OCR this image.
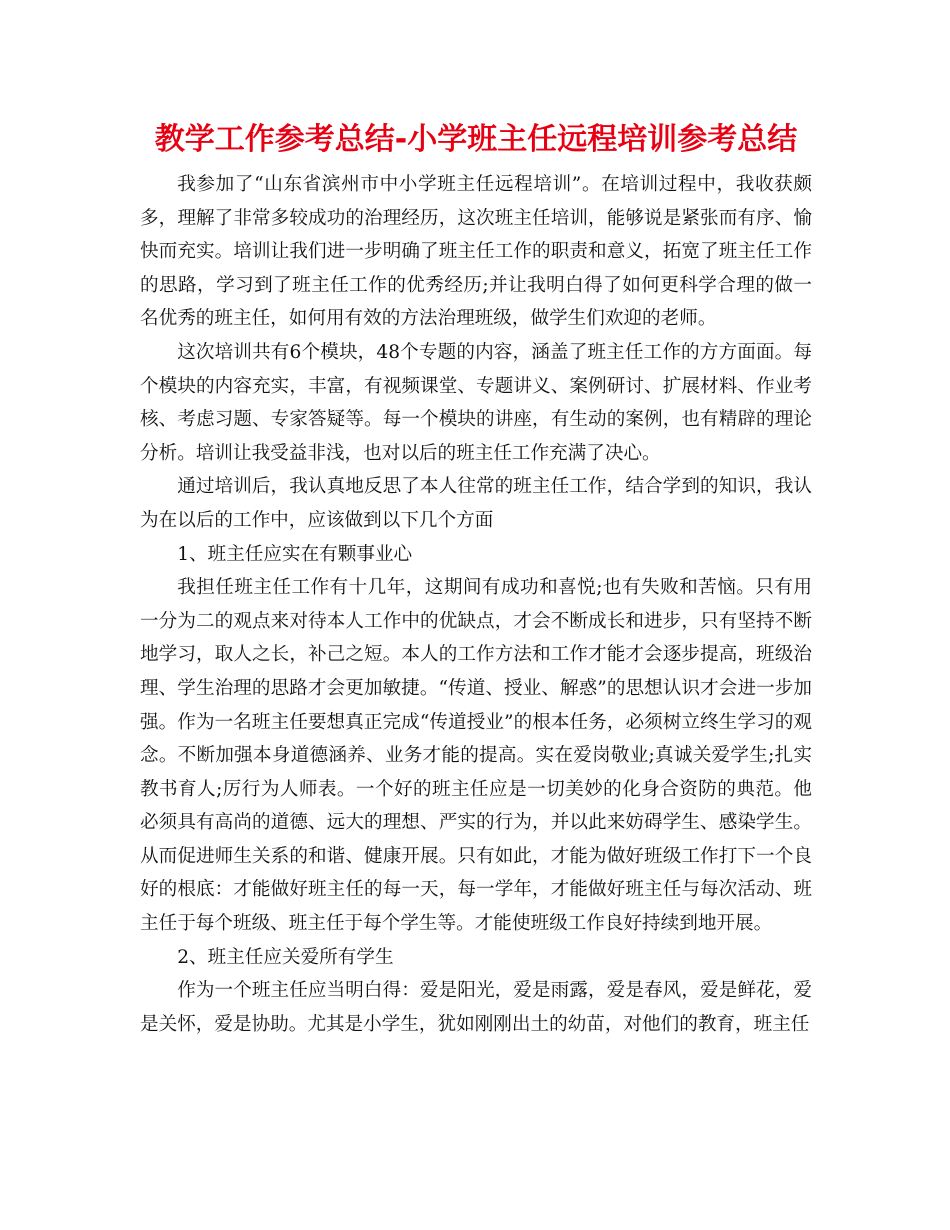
教学工作参考总结-小学班主任远程培训参考总结

我参加了“山东省滨州市中小学班主任远程培训”。在培训过程中，我收获颇多，理解了非常多较成功的治理经历，这次班主任培训，能够说是紧张而有序、愉快而充实。培训让我们进一步明确了班主任工作的职责和意义，拓宽了班主任工作的思路，学习到了班主任工作的优秀经历;并让我明白得了如何更科学合理的做一名优秀的班主任，如何用有效的方法治理班级，做学生们欢迎的老师。

这次培训共有6个模块，48个专题的内容，涵盖了班主任工作的方方面面。每个模块的内容充实，丰富，有视频课堂、专题讲义、案例研讨、扩展材料、作业考核、考虑习题、专家答疑等。每一个模块的讲座，有生动的案例，也有精辟的理论分析。培训让我受益非浅，也对以后的班主任工作充满了决心。

通过培训后，我认真地反思了本人往常的班主任工作，结合学到的知识，我认为在以后的工作中，应该做到以下几个方面

1、班主任应实在有颗事业心

我担任班主任工作有十几年，这期间有成功和喜悦;也有失败和苦恼。只有用一分为二的观点来对待本人工作中的优缺点，才会不断成长和进步，只有坚持不断地学习，取人之长，补己之短。本人的工作方法和工作才能才会逐步提高，班级治理、学生治理的思路才会更加敏捷。“传道、授业、解惑”的思想认识才会进一步加强。作为一名班主任要想真正完成“传道授业”的根本任务，必须树立终生学习的观念。不断加强本身道德涵养、业务才能的提高。实在爱岗敬业;真诚关爱学生;扎实教书育人;厉行为人师表。一个好的班主任应是一切美妙的化身合资防的典范。他必须具有高尚的道德、远大的理想、严实的行为，并以此来妨碍学生、感染学生。从而促进师生关系的和谐、健康开展。只有如此，才能为做好班级工作打下一个良好的根底：才能做好班主任的每一天，每一学年，才能做好班主任与每次活动、班主任于每个班级、班主任于每个学生等。才能使班级工作良好持续到地开展。

2、班主任应关爱所有学生

作为一个班主任应当明白得：爱是阳光，爱是雨露，爱是春风，爱是鲜花，爱是关怀，爱是协助。尤其是小学生，犹如刚刚出土的幼苗，对他们的教育，班主任
